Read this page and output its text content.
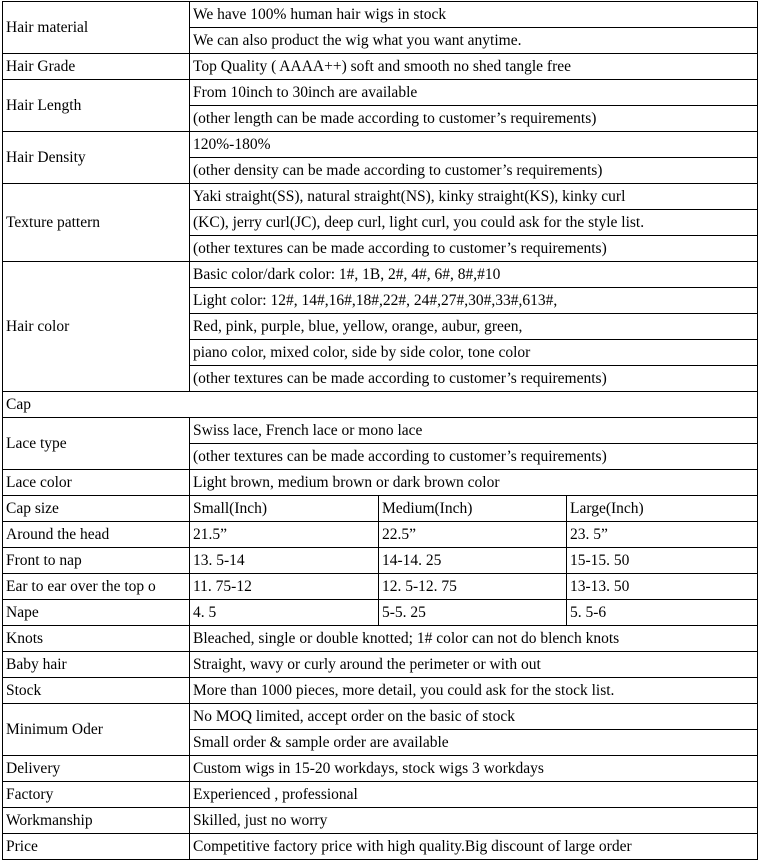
Hair material	We have 100% human hair wigs in stock		
	We can also product the wig what you want anytime.		
Hair Grade	Top Quality ( AAAA++) soft and smooth no shed tangle free		
Hair Length	From 10inch to 30inch are available		
	(other length can be made according to customer’s requirements)		
Hair Density	120%-180%		
	(other density can be made according to customer’s requirements)		
Texture pattern	Yaki straight(SS), natural straight(NS), kinky straight(KS), kinky curl		
	(KC), jerry curl(JC), deep curl, light curl, you could ask for the style list.		
	(other textures can be made according to customer’s requirements)		
Hair color	Basic color/dark color: 1#, 1B, 2#, 4#, 6#, 8#,#10		
	Light color: 12#, 14#,16#,18#,22#, 24#,27#,30#,33#,613#,		
	Red, pink, purple, blue, yellow, orange, aubur, green,		
	piano color, mixed color, side by side color, tone color		
	(other textures can be made according to customer’s requirements)		
Cap			
Lace type	Swiss lace, French lace or mono lace		
	(other textures can be made according to customer’s requirements)		
Lace color	Light brown, medium brown or dark brown color		
Cap size	Small(Inch)	Medium(Inch)	Large(Inch)
Around the head	21.5”	22.5”	23. 5”
Front to nap	13. 5-14	14-14. 25	15-15. 50
Ear to ear over the top o	11. 75-12	12. 5-12. 75	13-13. 50
Nape	4. 5	5-5. 25	5. 5-6
Knots	Bleached, single or double knotted; 1# color can not do blench knots		
Baby hair	Straight, wavy or curly around the perimeter or with out		
Stock	More than 1000 pieces, more detail, you could ask for the stock list.		
Minimum Oder	No MOQ limited, accept order on the basic of stock		
	Small order & sample order are available		
Delivery	Custom wigs in 15-20 workdays, stock wigs 3 workdays		
Factory	Experienced , professional		
Workmanship	Skilled, just no worry		
Price	Competitive factory price with high quality.Big discount of large order		
